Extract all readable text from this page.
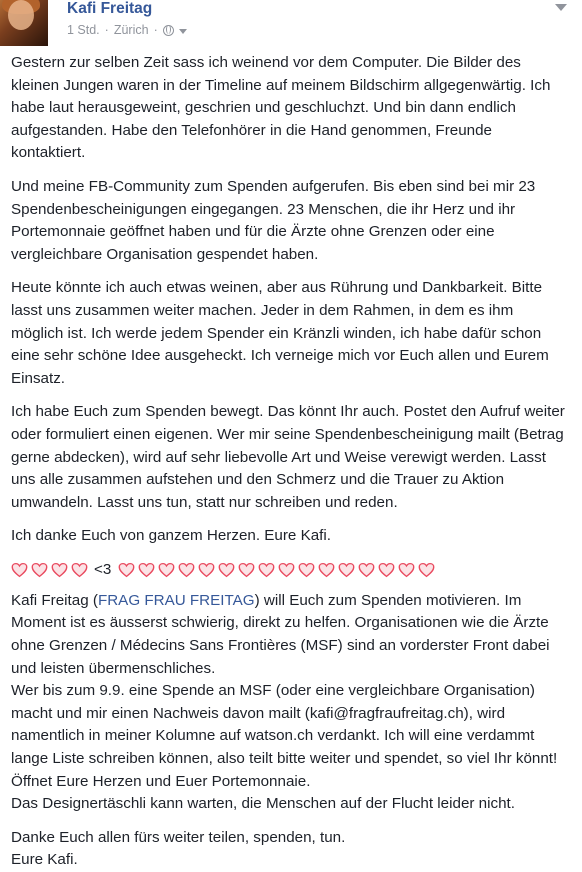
Kafi Freitag
1 Std. · Zürich ·

Gestern zur selben Zeit sass ich weinend vor dem Computer. Die Bilder des kleinen Jungen waren in der Timeline auf meinem Bildschirm allgegenwärtig. Ich habe laut herausgeweint, geschrien und geschluchzt. Und bin dann endlich aufgestanden. Habe den Telefonhörer in die Hand genommen, Freunde kontaktiert.

Und meine FB-Community zum Spenden aufgerufen. Bis eben sind bei mir 23 Spendenbescheinigungen eingegangen. 23 Menschen, die ihr Herz und ihr Portemonnaie geöffnet haben und für die Ärzte ohne Grenzen oder eine vergleichbare Organisation gespendet haben.

Heute könnte ich auch etwas weinen, aber aus Rührung und Dankbarkeit. Bitte lasst uns zusammen weiter machen. Jeder in dem Rahmen, in dem es ihm möglich ist. Ich werde jedem Spender ein Kränzli winden, ich habe dafür schon eine sehr schöne Idee ausgeheckt. Ich verneige mich vor Euch allen und Eurem Einsatz.

Ich habe Euch zum Spenden bewegt. Das könnt Ihr auch. Postet den Aufruf weiter oder formuliert einen eigenen. Wer mir seine Spendenbescheinigung mailt (Betrag gerne abdecken), wird auf sehr liebevolle Art und Weise verewigt werden. Lasst uns alle zusammen aufstehen und den Schmerz und die Trauer zu Aktion umwandeln. Lasst uns tun, statt nur schreiben und reden.

Ich danke Euch von ganzem Herzen. Eure Kafi.

<3

Kafi Freitag (FRAG FRAU FREITAG) will Euch zum Spenden motivieren. Im Moment ist es äusserst schwierig, direkt zu helfen. Organisationen wie die Ärzte ohne Grenzen / Médecins Sans Frontières (MSF) sind an vorderster Front dabei und leisten übermenschliches.

Wer bis zum 9.9. eine Spende an MSF (oder eine vergleichbare Organisation) macht und mir einen Nachweis davon mailt (kafi@fragfraufreitag.ch), wird namentlich in meiner Kolumne auf watson.ch verdankt. Ich will eine verdammt lange Liste schreiben können, also teilt bitte weiter und spendet, so viel Ihr könnt!

Öffnet Eure Herzen und Euer Portemonnaie.

Das Designertäschli kann warten, die Menschen auf der Flucht leider nicht.

Danke Euch allen fürs weiter teilen, spenden, tun.

Eure Kafi.
